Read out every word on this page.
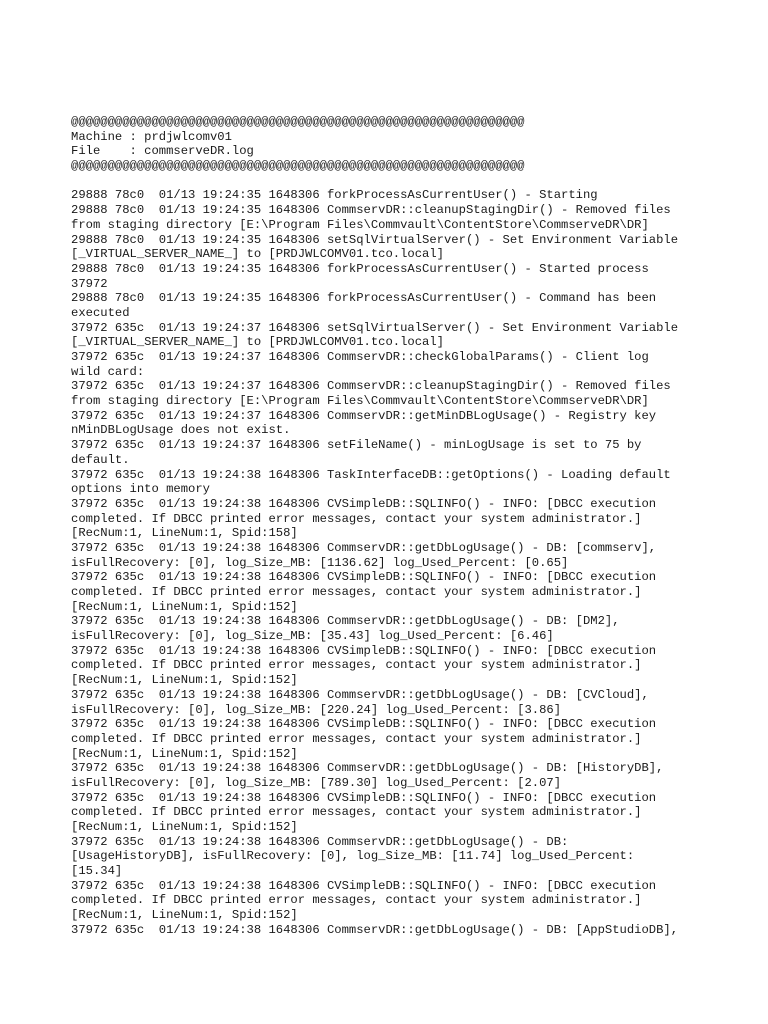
@@@@@@@@@@@@@@@@@@@@@@@@@@@@@@@@@@@@@@@@@@@@@@@@@@@@@@@@@@@@@@
Machine : prdjwlcomv01
File    : commserveDR.log
@@@@@@@@@@@@@@@@@@@@@@@@@@@@@@@@@@@@@@@@@@@@@@@@@@@@@@@@@@@@@@
29888 78c0  01/13 19:24:35 1648306 forkProcessAsCurrentUser() - Starting
29888 78c0  01/13 19:24:35 1648306 CommservDR::cleanupStagingDir() - Removed files
from staging directory [E:\Program Files\Commvault\ContentStore\CommserveDR\DR]
29888 78c0  01/13 19:24:35 1648306 setSqlVirtualServer() - Set Environment Variable
[_VIRTUAL_SERVER_NAME_] to [PRDJWLCOMV01.tco.local]
29888 78c0  01/13 19:24:35 1648306 forkProcessAsCurrentUser() - Started process
37972
29888 78c0  01/13 19:24:35 1648306 forkProcessAsCurrentUser() - Command has been
executed
37972 635c  01/13 19:24:37 1648306 setSqlVirtualServer() - Set Environment Variable
[_VIRTUAL_SERVER_NAME_] to [PRDJWLCOMV01.tco.local]
37972 635c  01/13 19:24:37 1648306 CommservDR::checkGlobalParams() - Client log
wild card:
37972 635c  01/13 19:24:37 1648306 CommservDR::cleanupStagingDir() - Removed files
from staging directory [E:\Program Files\Commvault\ContentStore\CommserveDR\DR]
37972 635c  01/13 19:24:37 1648306 CommservDR::getMinDBLogUsage() - Registry key
nMinDBLogUsage does not exist.
37972 635c  01/13 19:24:37 1648306 setFileName() - minLogUsage is set to 75 by
default.
37972 635c  01/13 19:24:38 1648306 TaskInterfaceDB::getOptions() - Loading default
options into memory
37972 635c  01/13 19:24:38 1648306 CVSimpleDB::SQLINFO() - INFO: [DBCC execution
completed. If DBCC printed error messages, contact your system administrator.]
[RecNum:1, LineNum:1, Spid:158]
37972 635c  01/13 19:24:38 1648306 CommservDR::getDbLogUsage() - DB: [commserv],
isFullRecovery: [0], log_Size_MB: [1136.62] log_Used_Percent: [0.65]
37972 635c  01/13 19:24:38 1648306 CVSimpleDB::SQLINFO() - INFO: [DBCC execution
completed. If DBCC printed error messages, contact your system administrator.]
[RecNum:1, LineNum:1, Spid:152]
37972 635c  01/13 19:24:38 1648306 CommservDR::getDbLogUsage() - DB: [DM2],
isFullRecovery: [0], log_Size_MB: [35.43] log_Used_Percent: [6.46]
37972 635c  01/13 19:24:38 1648306 CVSimpleDB::SQLINFO() - INFO: [DBCC execution
completed. If DBCC printed error messages, contact your system administrator.]
[RecNum:1, LineNum:1, Spid:152]
37972 635c  01/13 19:24:38 1648306 CommservDR::getDbLogUsage() - DB: [CVCloud],
isFullRecovery: [0], log_Size_MB: [220.24] log_Used_Percent: [3.86]
37972 635c  01/13 19:24:38 1648306 CVSimpleDB::SQLINFO() - INFO: [DBCC execution
completed. If DBCC printed error messages, contact your system administrator.]
[RecNum:1, LineNum:1, Spid:152]
37972 635c  01/13 19:24:38 1648306 CommservDR::getDbLogUsage() - DB: [HistoryDB],
isFullRecovery: [0], log_Size_MB: [789.30] log_Used_Percent: [2.07]
37972 635c  01/13 19:24:38 1648306 CVSimpleDB::SQLINFO() - INFO: [DBCC execution
completed. If DBCC printed error messages, contact your system administrator.]
[RecNum:1, LineNum:1, Spid:152]
37972 635c  01/13 19:24:38 1648306 CommservDR::getDbLogUsage() - DB:
[UsageHistoryDB], isFullRecovery: [0], log_Size_MB: [11.74] log_Used_Percent:
[15.34]
37972 635c  01/13 19:24:38 1648306 CVSimpleDB::SQLINFO() - INFO: [DBCC execution
completed. If DBCC printed error messages, contact your system administrator.]
[RecNum:1, LineNum:1, Spid:152]
37972 635c  01/13 19:24:38 1648306 CommservDR::getDbLogUsage() - DB: [AppStudioDB],
